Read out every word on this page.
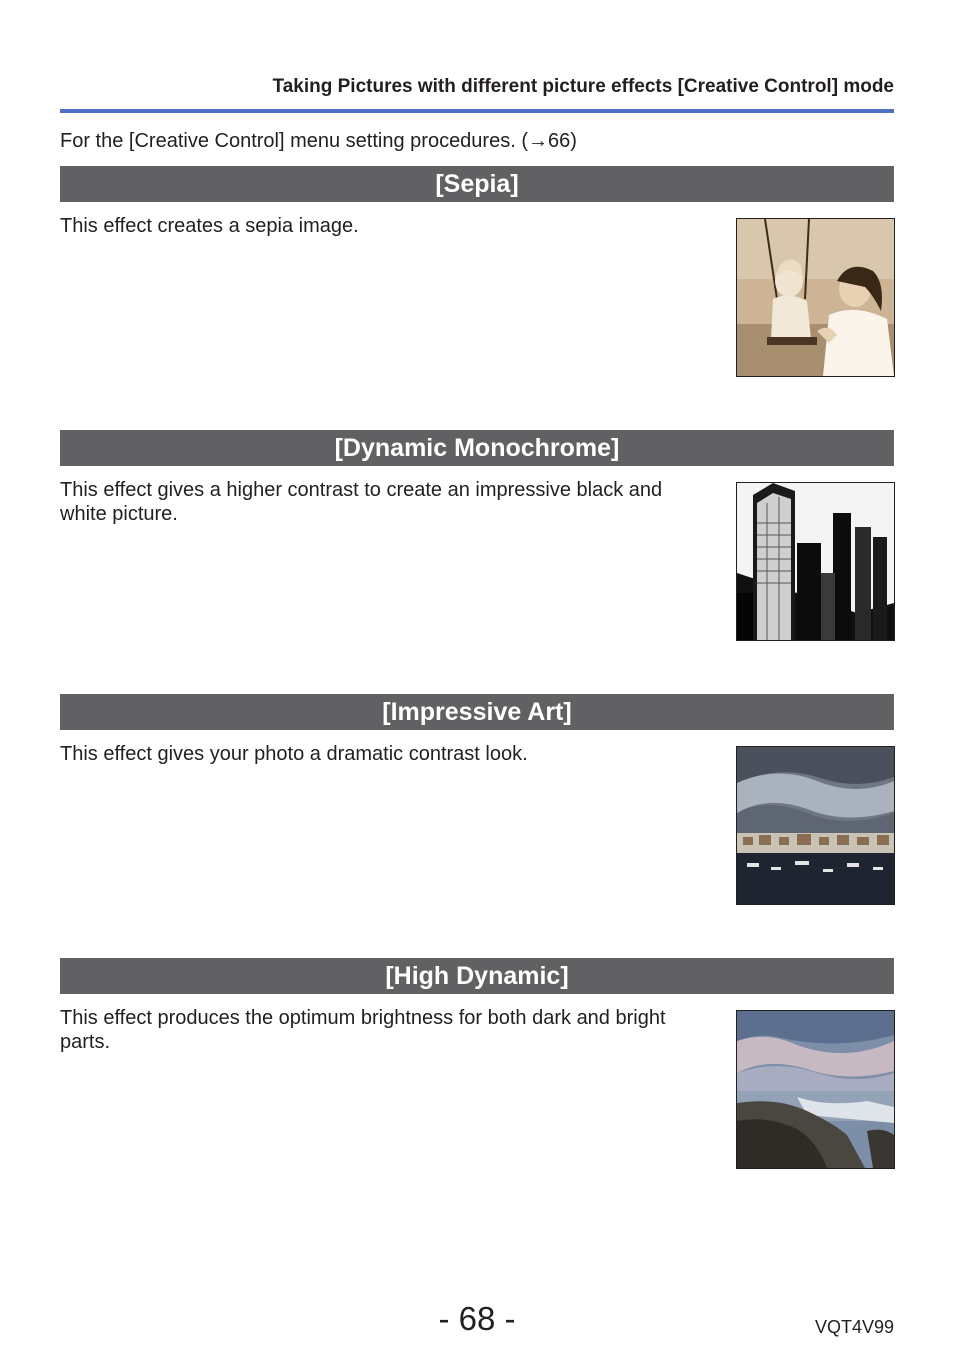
Taking Pictures with different picture effects [Creative Control] mode
For the [Creative Control] menu setting procedures. (→66)
[Sepia]
This effect creates a sepia image.
[Dynamic Monochrome]
This effect gives a higher contrast to create an impressive black and white picture.
[Impressive Art]
This effect gives your photo a dramatic contrast look.
[High Dynamic]
This effect produces the optimum brightness for both dark and bright parts.
- 68 -	VQT4V99
